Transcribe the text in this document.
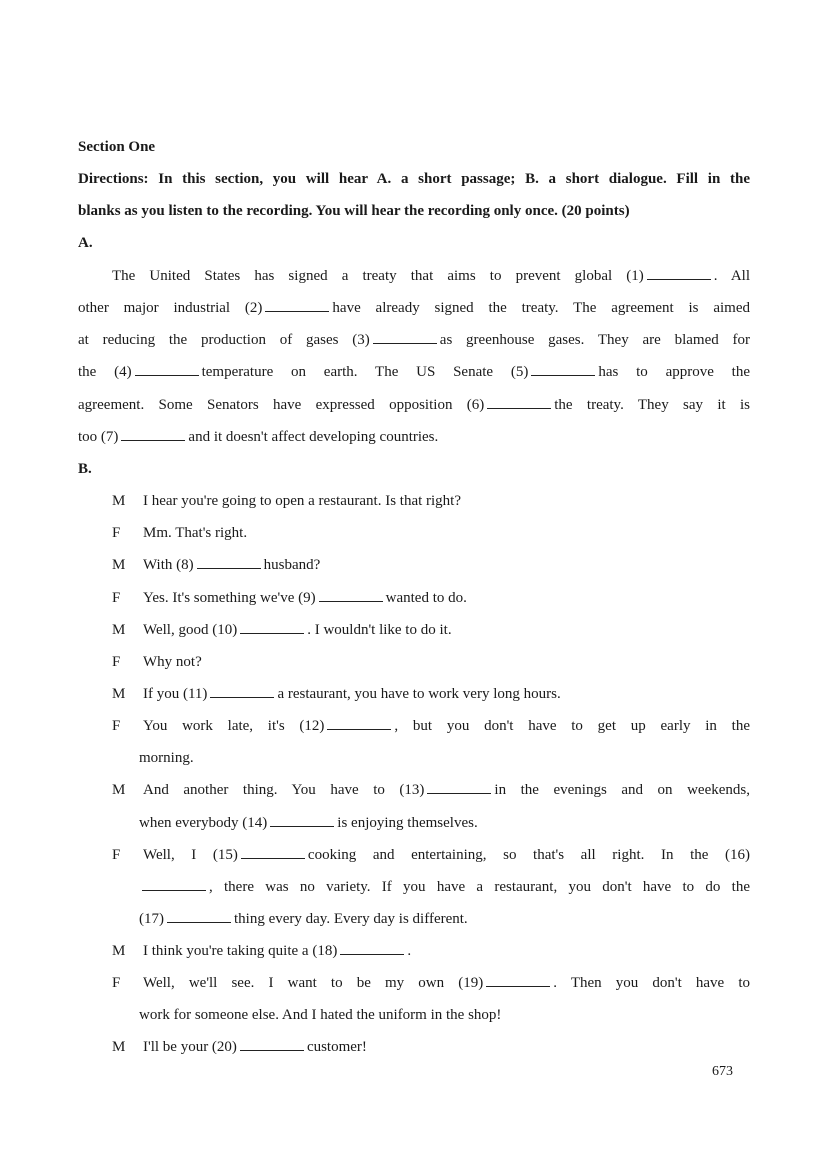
Section One
Directions: In this section, you will hear A. a short passage; B. a short dialogue. Fill in the
blanks as you listen to the recording. You will hear the recording only once. (20 points)
A.
The United States has signed a treaty that aims to prevent global (1)	. All
other major industrial (2)	have already signed the treaty. The agreement is aimed
at reducing the production of gases (3)	as greenhouse gases. They are blamed for
the (4)	temperature on earth. The US Senate (5)	has to approve the
agreement. Some Senators have expressed opposition (6)	the treaty. They say it is
too (7)	and it doesn't affect developing countries.
B.
M I hear you're going to open a restaurant. Is that right?
F Mm. That's right.
M With (8)	husband?
F Yes. It's something we've (9)	wanted to do.
M Well, good (10)	. I wouldn't like to do it.
F Why not?
M If you (11)	a restaurant, you have to work very long hours.
F You work late, it's (12)	, but you don't have to get up early in the
morning.
M And another thing. You have to (13)	in the evenings and on weekends,
when everybody (14)	is enjoying themselves.
F Well, I (15)	cooking and entertaining, so that's all right. In the (16)
, there was no variety. If you have a restaurant, you don't have to do the
(17)	thing every day. Every day is different.
M I think you're taking quite a (18)	.
F Well, we'll see. I want to be my own (19)	. Then you don't have to
work for someone else. And I hated the uniform in the shop!
M I'll be your (20)	customer!
673
